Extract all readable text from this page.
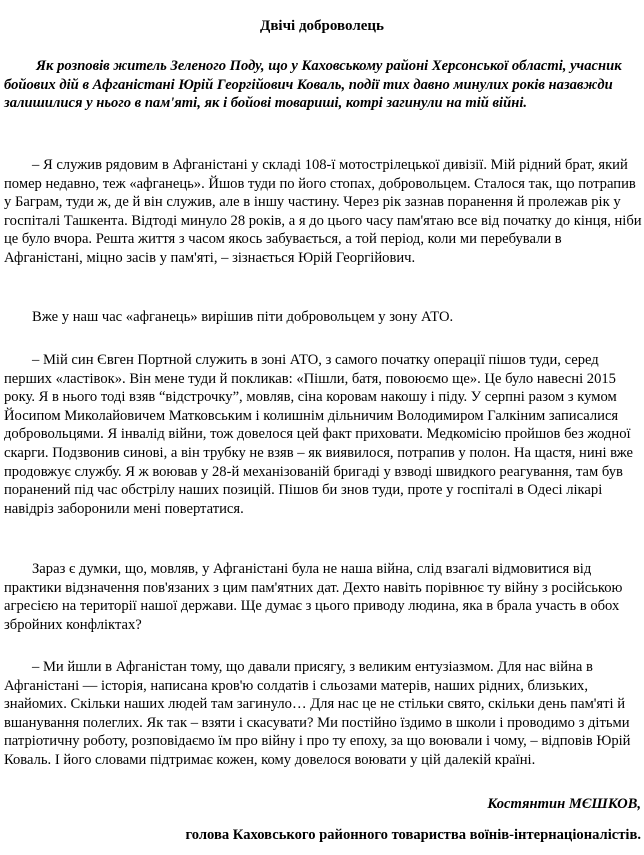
Двічі доброволець

Як розповів житель Зеленого Поду, що у Каховському районі Херсонської області, учасник бойових дій в Афганістані Юрій Георгійович Коваль, події тих давно минулих років назавжди залишилися у нього в пам'яті, як і бойові товариші, котрі загинули на тій війні.

– Я служив рядовим в Афганістані у складі 108-ї мотострілецької дивізії. Мій рідний брат, який помер недавно, теж «афганець». Йшов туди по його стопах, добровольцем. Сталося так, що потрапив у Баграм, туди ж, де й він служив, але в іншу частину. Через рік зазнав поранення й пролежав рік у госпіталі Ташкента. Відтоді минуло 28 років, а я до цього часу пам'ятаю все від початку до кінця, ніби це було вчора. Решта життя з часом якось забувається, а той період, коли ми перебували в Афганістані, міцно засів у пам'яті, – зізнається Юрій Георгійович.

Вже у наш час «афганець» вирішив піти добровольцем у зону АТО.

– Мій син Євген Портной служить в зоні АТО, з самого початку операції пішов туди, серед перших «ластівок». Він мене туди й покликав: «Пішли, батя, повоюємо ще». Це було навесні 2015 року. Я в нього тоді взяв “відстрочку”, мовляв, сіна коровам накошу і піду. У серпні разом з кумом Йосипом Миколайовичем Матковським і колишнім дільничим Володимиром Галкіним записалися добровольцями. Я інвалід війни, тож довелося цей факт приховати. Медкомісію пройшов без жодної скарги. Подзвонив синові, а він трубку не взяв – як виявилося, потрапив у полон. На щастя, нині вже продовжує службу. Я ж воював у 28-й механізованій бригаді у взводі швидкого реагування, там був поранений під час обстрілу наших позицій. Пішов би знов туди, проте у госпіталі в Одесі лікарі навідріз заборонили мені повертатися.

Зараз є думки, що, мовляв, у Афганістані була не наша війна, слід взагалі відмовитися від практики відзначення пов'язаних з цим пам'ятних дат. Дехто навіть порівнює ту війну з російською агресією на території нашої держави. Ще думає з цього приводу людина, яка в брала участь в обох збройних конфліктах?

– Ми йшли в Афганістан тому, що давали присягу, з великим ентузіазмом. Для нас війна в Афганістані — історія, написана кров'ю солдатів і сльозами матерів, наших рідних, близьких, знайомих. Скільки наших людей там загинуло… Для нас це не стільки свято, скільки день пам'яті й вшанування полеглих. Як так – взяти і скасувати? Ми постійно їздимо в школи і проводимо з дітьми патріотичну роботу, розповідаємо їм про війну і про ту епоху, за що воювали і чому, – відповів Юрій Коваль. І його словами підтримає кожен, кому довелося воювати у цій далекій країні.

Костянтин МЄШКОВ,
голова Каховського районного товариства воїнів-інтернаціоналістів.
